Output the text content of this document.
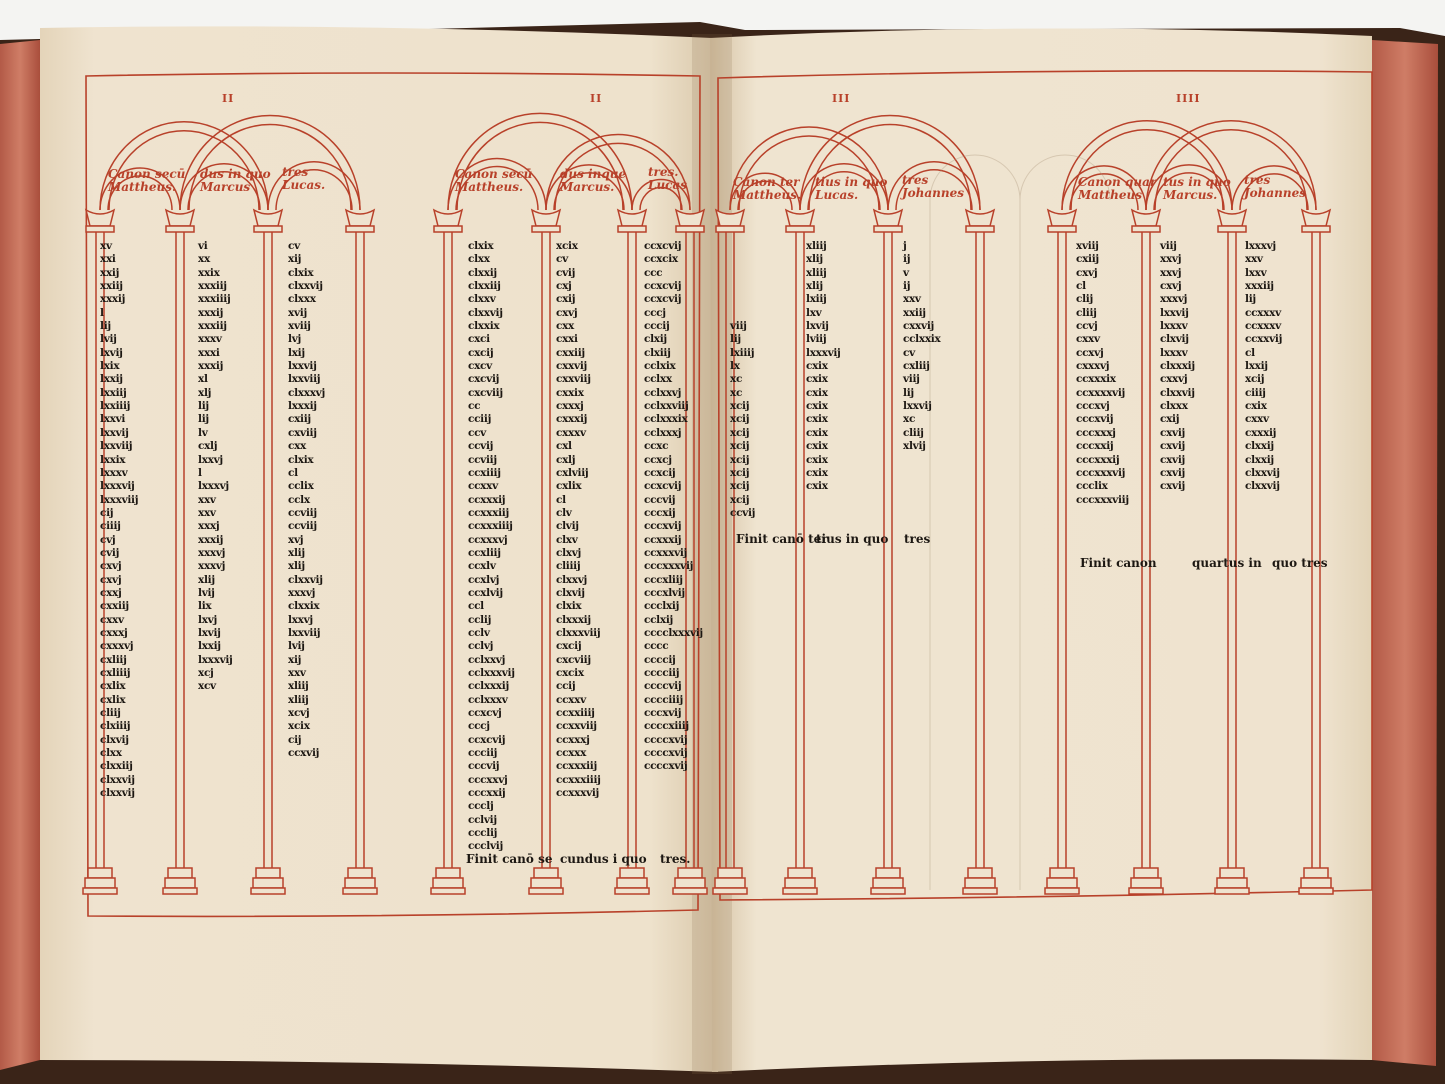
II
Canon secū
Mattheus.
dus in quo
Marcus
tres
Lucas.
xv
xxi
xxij
xxiij
xxxij
l
lij
lvij
lxvij
lxix
lxxij
lxxiij
lxxiiij
lxxvi
lxxvij
lxxviij
lxxix
lxxxv
lxxxvij
lxxxviij
cij
ciiij
cvj
cvij
cxvj
cxvj
cxxj
cxxiij
cxxv
cxxxj
cxxxvj
cxliij
cxliiij
cxlix
cxlix
cliij
clxiiij
clxvij
clxx
clxxiij
clxxvij
clxxvij
vi
xx
xxix
xxxiij
xxxiiij
xxxij
xxxiij
xxxv
xxxi
xxxij
xl
xlj
lij
lij
lv
cxlj
lxxvj
l
lxxxvj
xxv
xxv
xxxj
xxxij
xxxvj
xxxvj
xlij
lvij
lix
lxvj
lxvij
lxxij
lxxxvij
xcj
xcv
cv
xij
clxix
clxxvij
clxxx
xvij
xviij
lvj
lxij
lxxvij
lxxviij
clxxxvj
lxxxij
cxiij
cxviij
cxx
clxix
cl
cclix
cclx
ccviij
ccviij
xvj
xlij
xlij
clxxvij
xxxvj
clxxix
lxxvj
lxxviij
lvij
xij
xxv
xliij
xliij
xcvj
xcix
cij
ccxvij
II
Canon secū
Mattheus.
dus inque
Marcus.
tres.
Lucas
clxix
clxx
clxxij
clxxiij
clxxv
clxxvij
clxxix
cxci
cxcij
cxcv
cxcvij
cxcviij
cc
cciij
ccv
ccvij
ccviij
ccxiiij
ccxxv
ccxxxij
ccxxxiij
ccxxxiiij
ccxxxvj
ccxliij
ccxlv
ccxlvj
ccxlvij
ccl
cclij
cclv
cclvj
cclxxvj
cclxxxvij
cclxxxij
cclxxxv
ccxcvj
cccj
ccxcvij
ccciij
cccvij
cccxxvj
cccxxij
ccclj
cclvij
ccclij
ccclvij
xcix
cv
cvij
cxj
cxij
cxvj
cxx
cxxi
cxxiij
cxxvij
cxxviij
cxxix
cxxxj
cxxxij
cxxxv
cxl
cxlj
cxlviij
cxlix
cl
clv
clvij
clxv
clxvj
cliiij
clxxvj
clxvij
clxix
clxxxij
clxxxviij
cxcij
cxcviij
cxcix
ccij
ccxxv
ccxxiiij
ccxxviij
ccxxxj
ccxxx
ccxxxiij
ccxxxiiij
ccxxxvij
ccxcvij
ccxcix
ccc
ccxcvij
ccxcvij
cccj
cccij
clxij
clxiij
cclxix
cclxx
cclxxvj
cclxxviij
cclxxxix
cclxxxj
ccxc
ccxcj
ccxcij
ccxcvij
cccvij
cccxij
cccxvij
ccxxxij
ccxxxvij
cccxxxvij
cccxliij
cccxlvij
ccclxij
cclxij
cccclxxxvij
cccc
ccccij
cccciij
ccccvij
cccciiij
cccxvij
ccccxiiij
ccccxvij
ccccxvij
ccccxvij
Finit canō se cundus i quo tres.
III
Canon ter
Mattheus.
tius in quo
Lucas.
tres
Johannes
viij
lij
lxiiij
lx
xc
xc
xcij
xcij
xcij
xcij
xcij
xcij
xcij
xcij
ccvij
xliij
xlij
xliij
xlij
lxiij
lxv
lxvij
lviij
lxxxvij
cxix
cxix
cxix
cxix
cxix
cxix
cxix
cxix
cxix
cxix
j
ij
v
ij
xxv
xxiij
cxxvij
cclxxix
cv
cxliij
viij
lij
lxxvij
xc
cliij
xlvij
Finit canō ter
tius in quo tres
IIII
Canon quar
Mattheus
tus in quo
Marcus.
tres
Johannes
xviij
cxiij
cxvj
cl
clij
cliij
ccvj
cxxv
ccxvj
cxxxvj
ccxxxix
ccxxxxvij
cccxvj
cccxvij
cccxxxj
cccxxij
cccxxxij
cccxxxvij
ccclix
cccxxxviij
viij
xxvj
xxvj
cxvj
xxxvj
lxxvij
lxxxv
clxvij
lxxxv
clxxxij
cxxvj
clxxvij
clxxx
cxij
cxvij
cxvij
cxvij
cxvij
cxvij
lxxxvj
xxv
lxxv
xxxiij
lij
ccxxxv
ccxxxv
ccxxvij
cl
lxxij
xcij
ciiij
cxix
cxxv
cxxxij
clxxij
clxxij
clxxvij
clxxvij
Finit canon	quartus in quo tres
